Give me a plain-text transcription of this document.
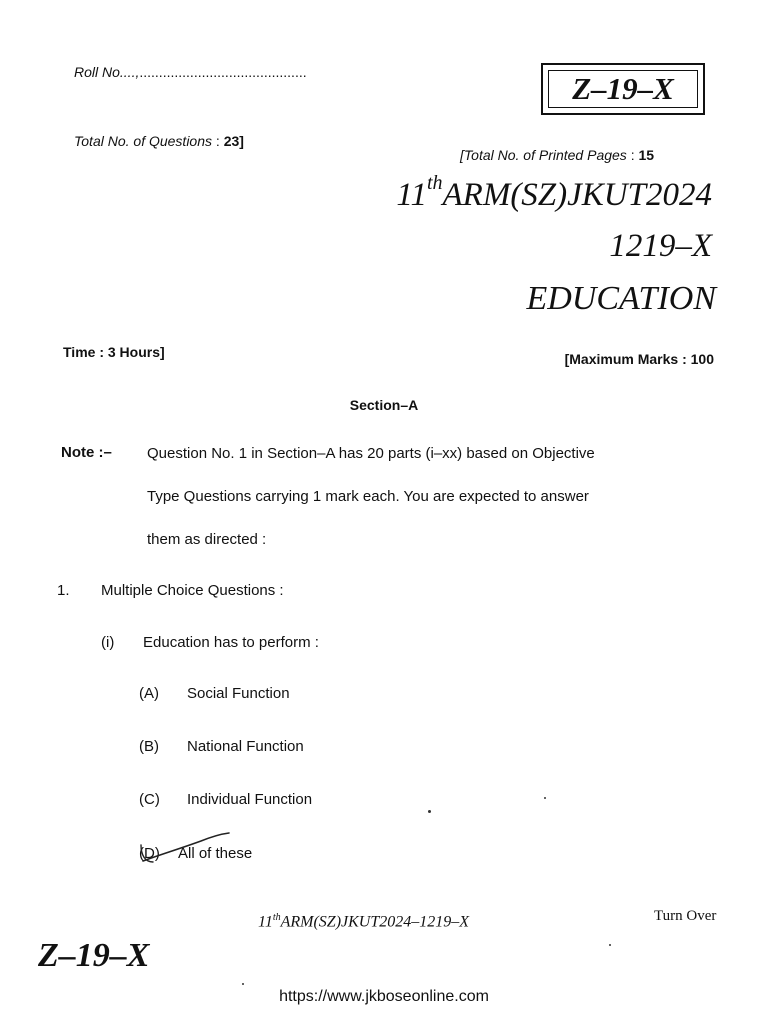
Roll No....,...........................................	Z–19–X
Total No. of Questions : 23]
[Total No. of Printed Pages : 15
11thARM(SZ)JKUT2024
1219–X
EDUCATION
Time : 3 Hours]	[Maximum Marks : 100
Section–A
Note :– Question No. 1 in Section–A has 20 parts (i–xx) based on Objective
Type Questions carrying 1 mark each. You are expected to answer
them as directed :
1. Multiple Choice Questions :
(i) Education has to perform :
(A) Social Function
(B) National Function
(C) Individual Function
(D) All of these
11thARM(SZ)JKUT2024–1219–X	Turn Over
Z–19–X
https://www.jkboseonline.com
